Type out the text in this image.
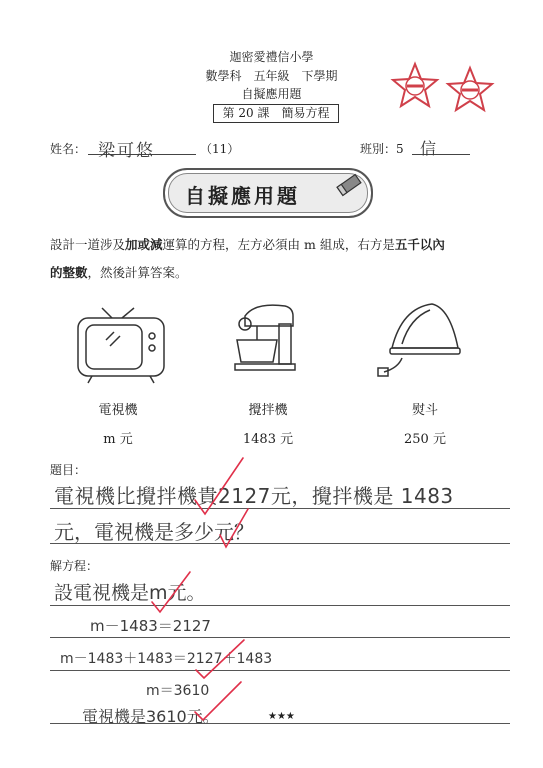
迦密愛禮信小學
數學科　五年級　下學期
自擬應用題
第 20 課　簡易方程
姓名： 梁可悠	（11）	班別：5 信
自擬應用題
設計一道涉及加或減運算的方程，左方必須由 m 組成，右方是五千以內
的整數，然後計算答案。
電視機	攪拌機	熨斗
m 元	1483 元	250 元
題目：
電視機比攪拌機貴2127元，攪拌機是 1483
元，電視機是多少元？
解方程：
設電視機是m元。
m－1483＝2127
m－1483＋1483＝2127＋1483
m＝3610
電視機是3610元。	★★★
